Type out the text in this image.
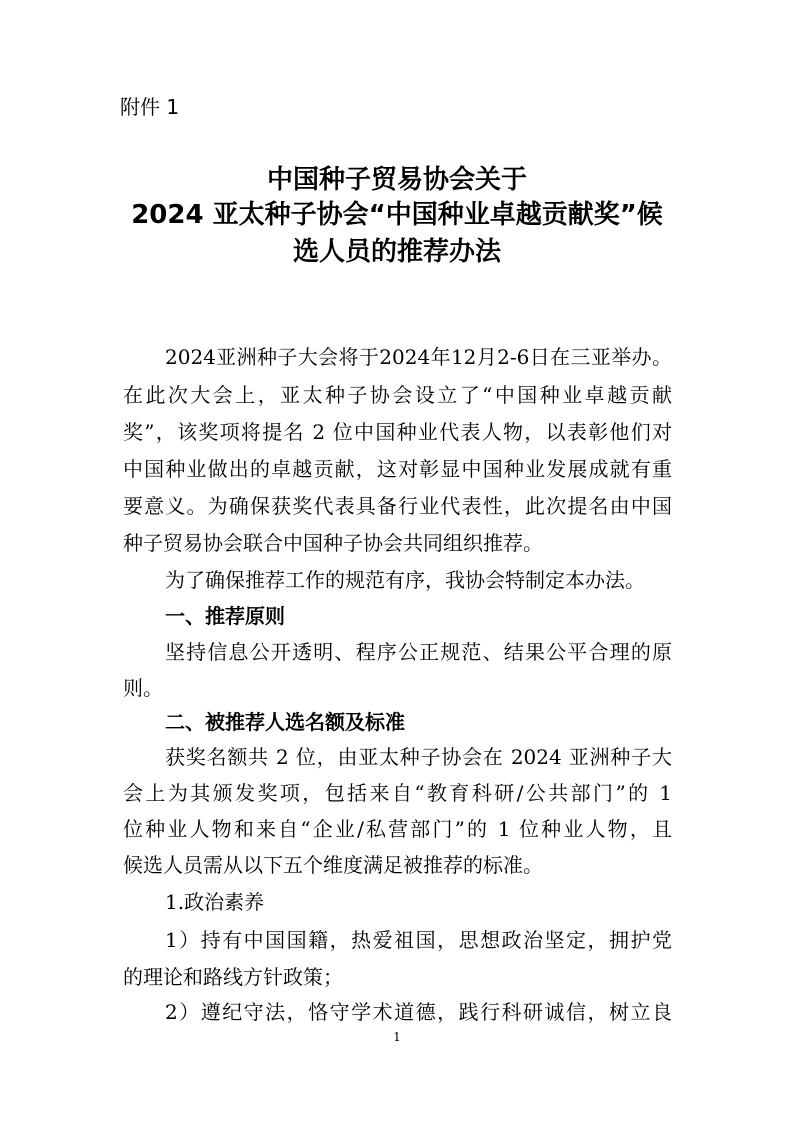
附件 1
中国种子贸易协会关于
2024 亚太种子协会“中国种业卓越贡献奖”候
选人员的推荐办法
2024亚洲种子大会将于2024年12月2-6日在三亚举办。
在此次大会上，亚太种子协会设立了“中国种业卓越贡献
奖”，该奖项将提名 2 位中国种业代表人物，以表彰他们对
中国种业做出的卓越贡献，这对彰显中国种业发展成就有重
要意义。为确保获奖代表具备行业代表性，此次提名由中国
种子贸易协会联合中国种子协会共同组织推荐。
为了确保推荐工作的规范有序，我协会特制定本办法。
一、推荐原则
坚持信息公开透明、程序公正规范、结果公平合理的原
则。
二、被推荐人选名额及标准
获奖名额共 2 位，由亚太种子协会在 2024 亚洲种子大
会上为其颁发奖项，包括来自“教育科研/公共部门”的 1
位种业人物和来自“企业/私营部门”的 1 位种业人物，且
候选人员需从以下五个维度满足被推荐的标准。
1.政治素养
1）持有中国国籍，热爱祖国，思想政治坚定，拥护党
的理论和路线方针政策；
2）遵纪守法，恪守学术道德，践行科研诚信，树立良
1
